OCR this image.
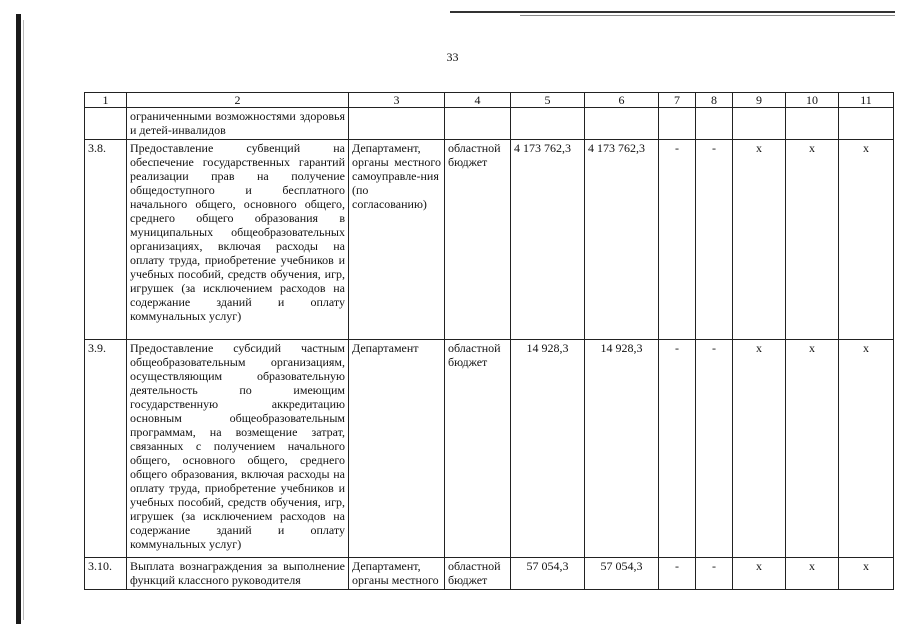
33
1	2	3	4	5	6	7	8	9	10	11
	ограниченными возможностями здоровья и детей-инвалидов									
3.8.	Предоставление субвенций на обеспечение государственных гарантий реализации прав на получение общедоступного и бесплатного начального общего, основного общего, среднего общего образования в муниципальных общеобразовательных организациях, включая расходы на оплату труда, приобретение учебников и учебных пособий, средств обучения, игр, игрушек (за исключением расходов на содержание зданий и оплату коммунальных услуг)	Департамент, органы местного самоуправле-ния (по согласованию)	областной бюджет	4 173 762,3	4 173 762,3	-	-	х	х	х
3.9.	Предоставление субсидий частным общеобразовательным организациям, осуществляющим образовательную деятельность по имеющим государственную аккредитацию основным общеобразовательным программам, на возмещение затрат, связанных с получением начального общего, основного общего, среднего общего образования, включая расходы на оплату труда, приобретение учебников и учебных пособий, средств обучения, игр, игрушек (за исключением расходов на содержание зданий и оплату коммунальных услуг)	Департамент	областной бюджет	14 928,3	14 928,3	-	-	х	х	х
3.10.	Выплата вознаграждения за выполнение функций классного руководителя	Департамент, органы местного	областной бюджет	57 054,3	57 054,3	-	-	х	х	х
